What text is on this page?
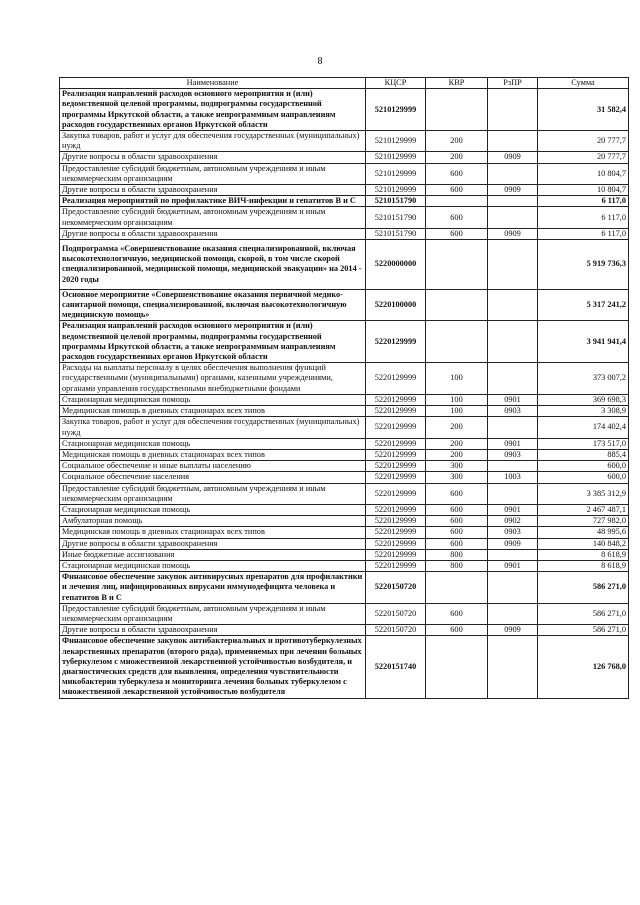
8
Наименование	КЦСР	КВР	РзПР	Сумма
Реализация направлений расходов основного мероприятия и (или) ведомственной целевой программы, подпрограммы государственной программы Иркутской области, а также непрограммным направлениям расходов государственных органов Иркутской области	5210129999			31 582,4
Закупка товаров, работ и услуг для обеспечения государственных (муниципальных) нужд	5210129999	200		20 777,7
Другие вопросы в области здравоохранения	5210129999	200	0909	20 777,7
Предоставление субсидий бюджетным, автономным учреждениям и иным некоммерческим организациям	5210129999	600		10 804,7
Другие вопросы в области здравоохранения	5210129999	600	0909	10 804,7
Реализация мероприятий по профилактике ВИЧ-инфекции и гепатитов В и С	5210151790			6 117,0
Предоставление субсидий бюджетным, автономным учреждениям и иным некоммерческим организациям	5210151790	600		6 117,0
Другие вопросы в области здравоохранения	5210151790	600	0909	6 117,0
Подпрограмма «Совершенствование оказания специализированной, включая высокотехнологичную, медицинской помощи, скорой, в том числе скорой специализированной, медицинской помощи, медицинской эвакуации» на 2014 - 2020 годы	5220000000			5 919 736,3
Основное мероприятие «Совершенствование оказания первичной медико-санитарной помощи, специализированной, включая высокотехнологичную медицинскую помощь»	5220100000			5 317 241,2
Реализация направлений расходов основного мероприятия и (или) ведомственной целевой программы, подпрограммы государственной программы Иркутской области, а также непрограммным направлениям расходов государственных органов Иркутской области	5220129999			3 941 941,4
Расходы на выплаты персоналу в целях обеспечения выполнения функций государственными (муниципальными) органами, казенными учреждениями, органами управления государственными внебюджетными фондами	5220129999	100		373 007,2
Стационарная медицинская помощь	5220129999	100	0901	369 698,3
Медицинская помощь в дневных стационарах всех типов	5220129999	100	0903	3 308,9
Закупка товаров, работ и услуг для обеспечения государственных (муниципальных) нужд	5220129999	200		174 402,4
Стационарная медицинская помощь	5220129999	200	0901	173 517,0
Медицинская помощь в дневных стационарах всех типов	5220129999	200	0903	885,4
Социальное обеспечение и иные выплаты населению	5220129999	300		600,0
Социальное обеспечение населения	5220129999	300	1003	600,0
Предоставление субсидий бюджетным, автономным учреждениям и иным некоммерческим организациям	5220129999	600		3 385 312,9
Стационарная медицинская помощь	5220129999	600	0901	2 467 487,1
Амбулаторная помощь	5220129999	600	0902	727 982,0
Медицинская помощь в дневных стационарах всех типов	5220129999	600	0903	48 995,6
Другие вопросы в области здравоохранения	5220129999	600	0909	140 848,2
Иные бюджетные ассигнования	5220129999	800		8 618,9
Стационарная медицинская помощь	5220129999	800	0901	8 618,9
Финансовое обеспечение закупок антивирусных препаратов для профилактики и лечения лиц, инфицированных вирусами иммунодефицита человека и гепатитов В и С	5220150720			586 271,0
Предоставление субсидий бюджетным, автономным учреждениям и иным некоммерческим организациям	5220150720	600		586 271,0
Другие вопросы в области здравоохранения	5220150720	600	0909	586 271,0
Финансовое обеспечение закупок антибактериальных и противотуберкулезных лекарственных препаратов (второго ряда), применяемых при лечении больных туберкулезом с множественной лекарственной устойчивостью возбудителя, и диагностических средств для выявления, определения чувствительности микобактерии туберкулеза и мониторинга лечения больных туберкулезом с множественной лекарственной устойчивостью возбудителя	5220151740			126 768,0
